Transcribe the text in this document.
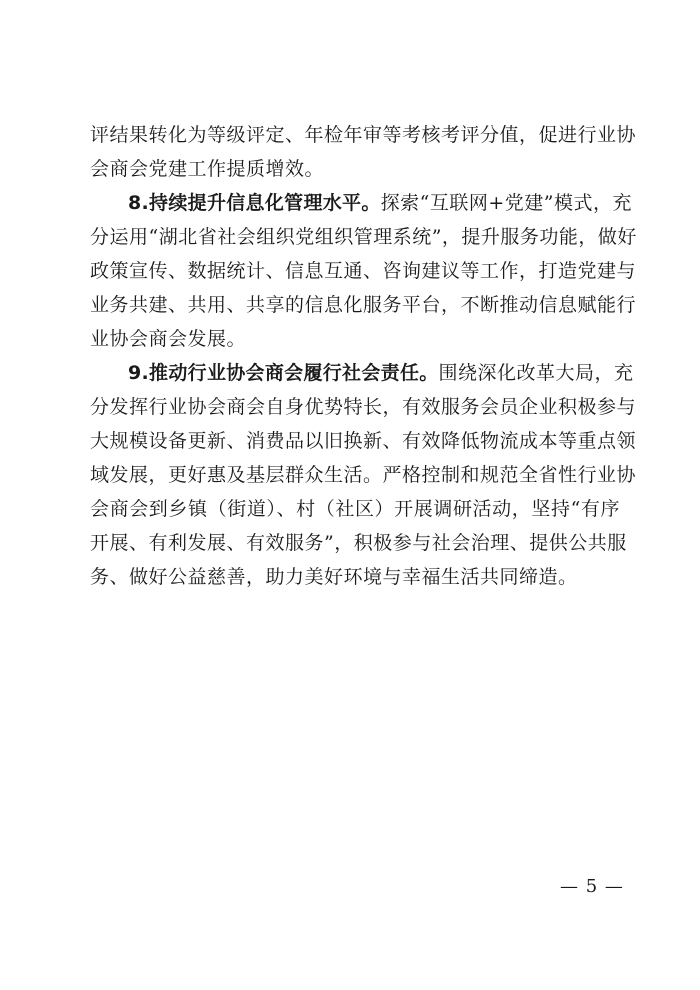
评结果转化为等级评定、年检年审等考核考评分值，促进行业协
会商会党建工作提质增效。
8.持续提升信息化管理水平。探索“互联网+党建”模式，充
分运用“湖北省社会组织党组织管理系统”，提升服务功能，做好
政策宣传、数据统计、信息互通、咨询建议等工作，打造党建与
业务共建、共用、共享的信息化服务平台，不断推动信息赋能行
业协会商会发展。
9.推动行业协会商会履行社会责任。围绕深化改革大局，充
分发挥行业协会商会自身优势特长，有效服务会员企业积极参与
大规模设备更新、消费品以旧换新、有效降低物流成本等重点领
域发展，更好惠及基层群众生活。严格控制和规范全省性行业协
会商会到乡镇（街道）、村（社区）开展调研活动，坚持“有序
开展、有利发展、有效服务”，积极参与社会治理、提供公共服
务、做好公益慈善，助力美好环境与幸福生活共同缔造。
— 5 —
